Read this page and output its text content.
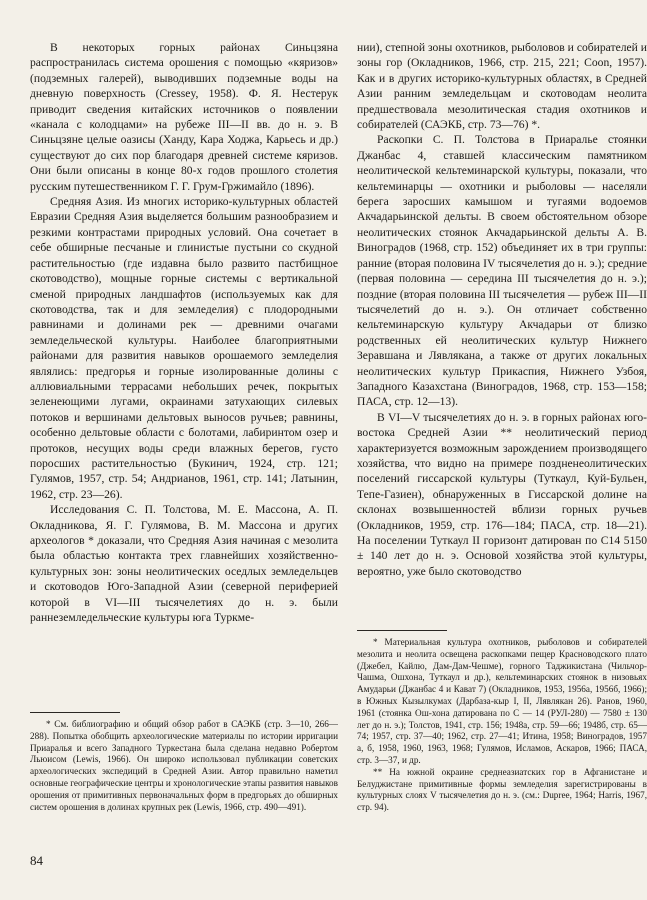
В некоторых горных районах Синьцзяна распространилась система орошения с помощью «кяризов» (подземных галерей), выводивших подземные воды на дневную поверхность (Cressey, 1958). Ф. Я. Нестерук приводит сведения китайских источников о появлении «канала с колодцами» на рубеже III—II вв. до н. э. В Синьцзяне целые оазисы (Ханду, Кара Ходжа, Карьесь и др.) существуют до сих пор благодаря древней системе кяризов. Они были описаны в конце 80-х годов прошлого столетия русским путешественником Г. Г. Грум-Гржимайло (1896).

Средняя Азия. Из многих историко-культурных областей Евразии Средняя Азия выделяется большим разнообразием и резкими контрастами природных условий. Она сочетает в себе обширные песчаные и глинистые пустыни со скудной растительностью (где издавна было развито пастбищное скотоводство), мощные горные системы с вертикальной сменой природных ландшафтов (используемых как для скотоводства, так и для земледелия) с плодородными равнинами и долинами рек — древними очагами земледельческой культуры. Наиболее благоприятными районами для развития навыков орошаемого земледелия являлись: предгорья и горные изолированные долины с аллювиальными террасами небольших речек, покрытых зеленеющими лугами, окраинами затухающих силевых потоков и вершинами дельтовых выносов ручьев; равнины, особенно дельтовые области с болотами, лабиринтом озер и протоков, несущих воды среди влажных берегов, густо поросших растительностью (Букинич, 1924, стр. 121; Гулямов, 1957, стр. 54; Андрианов, 1961, стр. 141; Латынин, 1962, стр. 23—26).

Исследования С. П. Толстова, М. Е. Массона, А. П. Окладникова, Я. Г. Гулямова, В. М. Массона и других археологов * доказали, что Средняя Азия начиная с мезолита была областью контакта трех главнейших хозяйственно-культурных зон: зоны неолитических оседлых земледельцев и скотоводов Юго-Западной Азии (северной периферией которой в VI—III тысячелетиях до н. э. были раннеземледельческие культуры юга Туркме-

* См. библиографию и общий обзор работ в САЭКБ (стр. 3—10, 266—288). Попытка обобщить археологические материалы по истории ирригации Приаралья и всего Западного Туркестана была сделана недавно Робертом Льюисом (Lewis, 1966). Он широко использовал публикации советских археологических экспедиций в Средней Азии. Автор правильно наметил основные географические центры и хронологические этапы развития навыков орошения от примитивных первоначальных форм в предгорьях до обширных систем орошения в долинах крупных рек (Lewis, 1966, стр. 490—491).

нии), степной зоны охотников, рыболовов и собирателей и зоны гор (Окладников, 1966, стр. 215, 221; Coon, 1957). Как и в других историко-культурных областях, в Средней Азии ранним земледельцам и скотоводам неолита предшествовала мезолитическая стадия охотников и собирателей (САЭКБ, стр. 73—76) *.

Раскопки С. П. Толстова в Приаралье стоянки Джанбас 4, ставшей классическим памятником неолитической кельтеминарской культуры, показали, что кельтеминарцы — охотники и рыболовы — населяли берега заросших камышом и тугаями водоемов Акчадарьинской дельты. В своем обстоятельном обзоре неолитических стоянок Акчадарьинской дельты А. В. Виноградов (1968, стр. 152) объединяет их в три группы: ранние (вторая половина IV тысячелетия до н. э.); средние (первая половина — середина III тысячелетия до н. э.); поздние (вторая половина III тысячелетия — рубеж III—II тысячелетий до н. э.). Он отличает собственно кельтеминарскую культуру Акчадарьи от близко родственных ей неолитических культур Нижнего Зеравшана и Лявлякана, а также от других локальных неолитических культур Прикаспия, Нижнего Узбоя, Западного Казахстана (Виноградов, 1968, стр. 153—158; ПАСА, стр. 12—13).

В VI—V тысячелетиях до н. э. в горных районах юго-востока Средней Азии ** неолитический период характеризуется возможным зарождением производящего хозяйства, что видно на примере поздненеолитических поселений гиссарской культуры (Туткаул, Куй-Бульен, Тепе-Газиен), обнаруженных в Гиссарской долине на склонах возвышенностей вблизи горных ручьев (Окладников, 1959, стр. 176—184; ПАСА, стр. 18—21). На поселении Туткаул II горизонт датирован по C14 5150 ± 140 лет до н. э. Основой хозяйства этой культуры, вероятно, уже было скотоводство

* Материальная культура охотников, рыболовов и собирателей мезолита и неолита освещена раскопками пещер Красноводского плато (Джебел, Кайлю, Дам-Дам-Чешме), горного Таджикистана (Чильчор-Чашма, Ошхона, Туткаул и др.), кельтеминарских стоянок в низовьях Амударьи (Джанбас 4 и Кават 7) (Окладников, 1953, 1956а, 1956б, 1966); в Южных Кызылкумах (Дарбаза-кыр I, II, Лявлякан 26). Ранов, 1960, 1961 (стоянка Ош-хона датирована по C — 14 (РУЛ-280) — 7580 ± 130 лет до н. э.); Толстов, 1941, стр. 156; 1948а, стр. 59—66; 1948б, стр. 65—74; 1957, стр. 37—40; 1962, стр. 27—41; Итина, 1958; Виноградов, 1957 а, б, 1958, 1960, 1963, 1968; Гулямов, Исламов, Аскаров, 1966; ПАСА, стр. 3—37, и др.

** На южной окраине среднеазиатских гор в Афганистане и Белуджистане примитивные формы земледелия зарегистрированы в культурных слоях V тысячелетия до н. э. (см.: Dupree, 1964; Harris, 1967, стр. 94).

84
